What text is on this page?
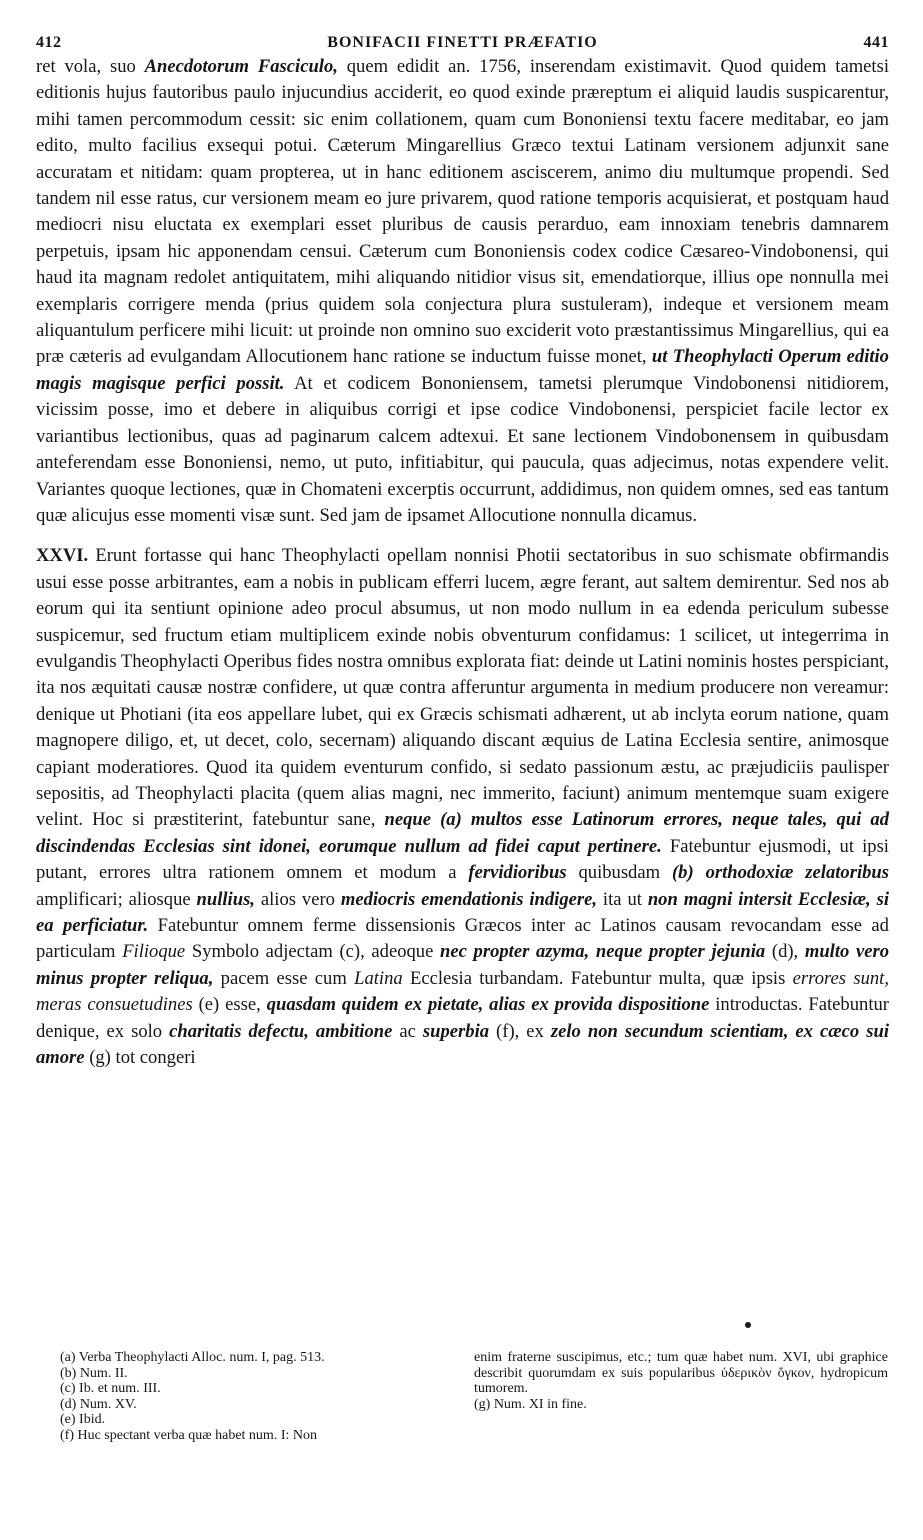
412	BONIFACII FINETTI PRÆFATIO	441

ret vola, suo Anecdotorum Fasciculo, quem edidit an. 1756, inserendam existimavit. Quod quidem tametsi editionis hujus fautoribus paulo injucundius acciderit, eo quod exinde præreptum ei aliquid laudis suspicarentur, mihi tamen percommodum cessit: sic enim collationem, quam cum Bononiensi textu facere meditabar, eo jam edito, multo facilius exsequi potui. Cæterum Mingarellius Græco textui Latinam versionem adjunxit sane accuratam et nitidam: quam propterea, ut in hanc editionem asciscerem, animo diu multumque propendi. Sed tandem nil esse ratus, cur versionem meam eo jure privarem, quod ratione temporis acquisierat, et postquam haud mediocri nisu eluctata ex exemplari esset pluribus de causis perarduo, eam innoxiam tenebris damnarem perpetuis, ipsam hic apponendam censui. Cæterum cum Bononiensis codex codice Cæsareo-Vindobonensi, qui haud ita magnam redolet antiquitatem, mihi aliquando nitidior visus sit, emendatiorque, illius ope nonnulla mei exemplaris corrigere menda (prius quidem sola conjectura plura sustuleram), indeque et versionem meam aliquantulum perficere mihi licuit: ut proinde non omnino suo exciderit voto præstantissimus Mingarellius, qui ea præ cæteris ad evulgandam Allocutionem hanc ratione se inductum fuisse monet, ut Theophylacti Operum editio magis magisque perfici possit. At et codicem Bononiensem, tametsi plerumque Vindobonensi nitidiorem, vicissim posse, imo et debere in aliquibus corrigi et ipse codice Vindobonensi, perspiciet facile lector ex variantibus lectionibus, quas ad paginarum calcem adtexui. Et sane lectionem Vindobonensem in quibusdam anteferendam esse Bononiensi, nemo, ut puto, infitiabitur, qui paucula, quas adjecimus, notas expendere velit. Variantes quoque lectiones, quæ in Chomateni excerptis occurrunt, addidimus, non quidem omnes, sed eas tantum quæ alicujus esse momenti visæ sunt. Sed jam de ipsamet Allocutione nonnulla dicamus.

XXVI. Erunt fortasse qui hanc Theophylacti opellam nonnisi Photii sectatoribus in suo schismate obfirmandis usui esse posse arbitrantes, eam a nobis in publicam efferri lucem, ægre ferant, aut saltem demirentur. Sed nos ab eorum qui ita sentiunt opinione adeo procul absumus, ut non modo nullum in ea edenda periculum subesse suspicemur, sed fructum etiam multiplicem exinde nobis obventurum confidamus: 1 scilicet, ut integerrima in evulgandis Theophylacti Operibus fides nostra omnibus explorata fiat: deinde ut Latini nominis hostes perspiciant, ita nos æquitati causæ nostræ confidere, ut quæ contra afferuntur argumenta in medium producere non vereamur: denique ut Photiani (ita eos appellare lubet, qui ex Græcis schismati adhærent, ut ab inclyta eorum natione, quam magnopere diligo, et, ut decet, colo, secernam) aliquando discant æquius de Latina Ecclesia sentire, animosque capiant moderatiores. Quod ita quidem eventurum confido, si sedato passionum æstu, ac præjudiciis paulisper sepositis, ad Theophylacti placita (quem alias magni, nec immerito, faciunt) animum mentemque suam exigere velint. Hoc si præstiterint, fatebuntur sane, neque (a) multos esse Latinorum errores, neque tales, qui ad discindendas Ecclesias sint idonei, eorumque nullum ad fidei caput pertinere. Fatebuntur ejusmodi, ut ipsi putant, errores ultra rationem omnem et modum a fervidioribus quibusdam (b) orthodoxiæ zelatoribus amplificari; aliosque nullius, alios vero mediocris emendationis indigere, ita ut non magni intersit Ecclesiæ, si ea perficiatur. Fatebuntur omnem ferme dissensionis Græcos inter ac Latinos causam revocandam esse ad particulam Filioque Symbolo adjectam (c), adeoque nec propter azyma, neque propter jejunia (d), multo vero minus propter reliqua, pacem esse cum Latina Ecclesia turbandam. Fatebuntur multa, quæ ipsis errores sunt, meras consuetudines (e) esse, quasdam quidem ex pietate, alias ex provida dispositione introductas. Fatebuntur denique, ex solo charitatis defectu, ambitione ac superbia (f), ex zelo non secundum scientiam, ex cæco sui amore (g) tot congeri

(a) Verba Theophylacti Alloc. num. I, pag. 513.
(b) Num. II.
(c) Ib. et num. III.
(d) Num. XV.
(e) Ibid.
(f) Huc spectant verba quæ habet num. I: Non
enim fraterne suscipimus, etc.; tum quæ habet num. XVI, ubi graphice describit quorumdam ex suis popularibus ὑδερικὸν ὄγκον, hydropicum tumorem.
(g) Num. XI in fine.
